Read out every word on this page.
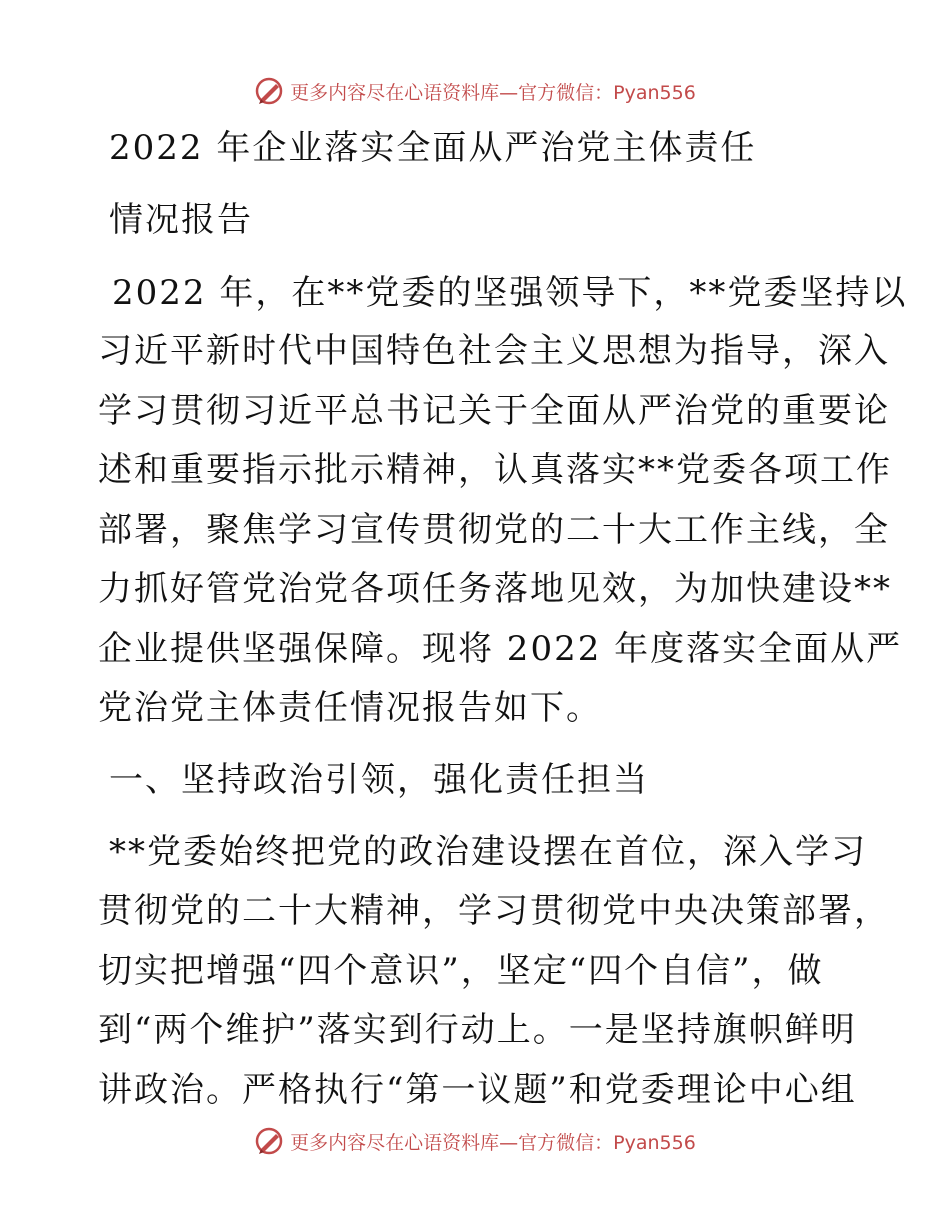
更多内容尽在心语资料库—官方微信：Pyan556
2022 年企业落实全面从严治党主体责任
情况报告
2022 年，在**党委的坚强领导下，**党委坚持以
习近平新时代中国特色社会主义思想为指导，深入
学习贯彻习近平总书记关于全面从严治党的重要论
述和重要指示批示精神，认真落实**党委各项工作
部署，聚焦学习宣传贯彻党的二十大工作主线，全
力抓好管党治党各项任务落地见效，为加快建设**
企业提供坚强保障。现将 2022 年度落实全面从严
党治党主体责任情况报告如下。
一、坚持政治引领，强化责任担当
**党委始终把党的政治建设摆在首位，深入学习
贯彻党的二十大精神，学习贯彻党中央决策部署，
切实把增强“四个意识”，坚定“四个自信”，做
到“两个维护”落实到行动上。一是坚持旗帜鲜明
讲政治。严格执行“第一议题”和党委理论中心组
更多内容尽在心语资料库—官方微信：Pyan556
